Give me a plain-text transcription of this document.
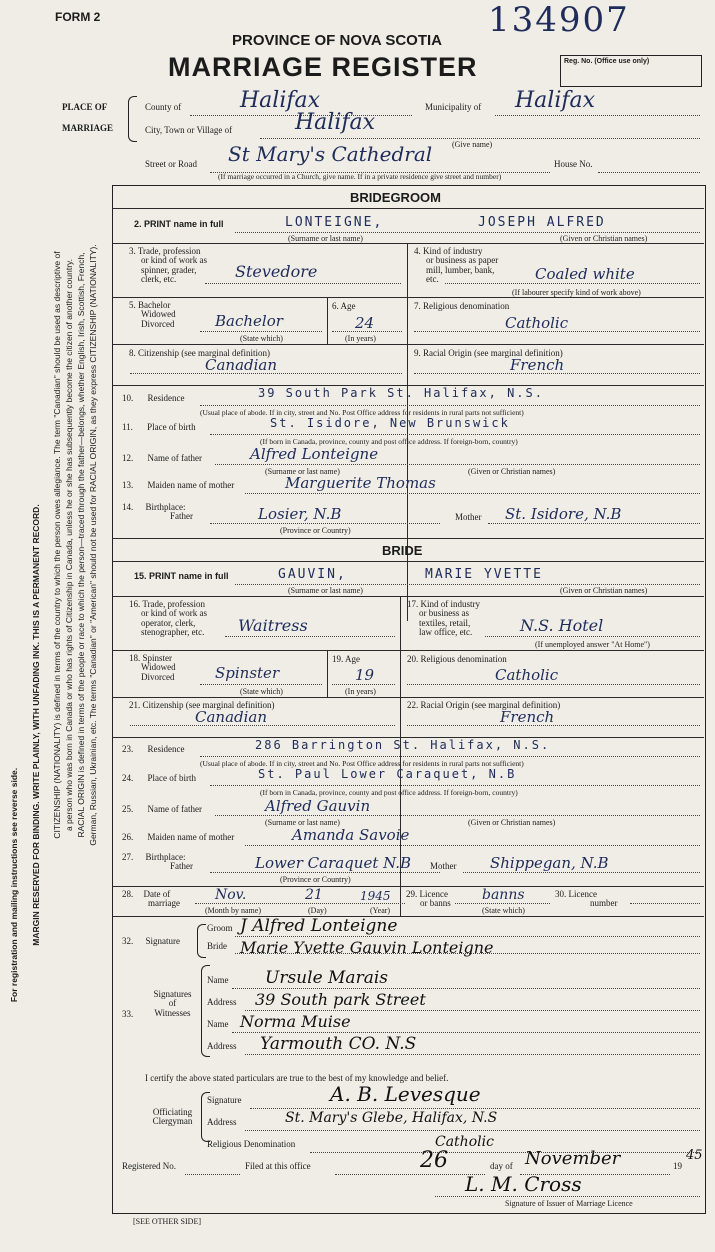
For registration and mailing instructions see reverse side. MARGIN RESERVED FOR BINDING. WRITE PLAINLY, WITH UNFADING INK. THIS IS A PERMANENT RECORD. CITIZENSHIP (NATIONALITY) is defined in terms of the country to which the person owes allegiance. The term "Canadian" should be used as descriptive of a person who was born in Canada or who has rights of Citizenship in Canada, unless he or she has subsequently become the citizen of another country. RACIAL ORIGIN is defined in terms of the people or race to which the person—traced through the father—belongs, whether English, Irish, Scottish, French, German, Russian, Ukrainian, etc. The terms "Canadian" or "American" should not be used for RACIAL ORIGIN, as they express CITIZENSHIP (NATIONALITY).
FORM 2	134907
PROVINCE OF NOVA SCOTIA
MARRIAGE REGISTER	Reg. No. (Office use only)
PLACE OF
MARRIAGE
County of	Halifax	Municipality of Halifax
City, Town or Village of	Halifax
(Give name)
Street or Road St Mary's Cathedral	House No.
(If marriage occurred in a Church, give name. If in a private residence give street and number)
BRIDEGROOM
2. PRINT name in full	LONTEIGNE,	JOSEPH ALFRED
(Surname or last name)	(Given or Christian names)
3. Trade, profession
or kind of work as
spinner, grader,
clerk, etc.	Stevedore
4. Kind of industry
or business as paper
mill, lumber, bank,
etc.	Coaled white
(If labourer specify kind of work above)
5. Bachelor
Widowed
Divorced	Bachelor
(State which)
6. Age
24
(In years)
7. Religious denomination
Catholic
8. Citizenship (see marginal definition)
Canadian
9. Racial Origin (see marginal definition)
French
10. Residence	39 South Park St. Halifax, N.S.
(Usual place of abode. If in city, street and No. Post Office address for residents in rural parts not sufficient)
11. Place of birth	St. Isidore, New Brunswick
(If born in Canada, province, county and post office address. If foreign-born, country)
12. Name of father	Alfred Lonteigne
(Surname or last name)	(Given or Christian names)
13. Maiden name of mother	Marguerite Thomas
14. Birthplace:
Father	Losier, N.B	Mother St. Isidore, N.B
(Province or Country)
BRIDE
15. PRINT name in full	GAUVIN,	MARIE YVETTE
(Surname or last name)	(Given or Christian names)
16. Trade, profession
or kind of work as
operator, clerk,
stenographer, etc. Waitress
17. Kind of industry
or business as
textiles, retail,
law office, etc.	N.S. Hotel
(If unemployed answer "At Home")
18. Spinster
Widowed
Divorced	Spinster
(State which)
19. Age
19
(In years)
20. Religious denomination
Catholic
21. Citizenship (see marginal definition)
Canadian
22. Racial Origin (see marginal definition)
French
23. Residence	286 Barrington St. Halifax, N.S.
(Usual place of abode. If in city, street and No. Post Office address for residents in rural parts not sufficient)
24. Place of birth	St. Paul Lower Caraquet, N.B
(If born in Canada, province, county and post office address. If foreign-born, country)
25. Name of father	Alfred Gauvin
(Surname or last name)	(Given or Christian names)
26. Maiden name of mother	Amanda Savoie
27. Birthplace:
Father	Lower Caraquet N.B Mother Shippegan, N.B
(Province or Country)
28. Date of
marriage
Nov.	21	1945
(Month by name)	(Day)	(Year)
29. Licence
or banns
banns
(State which)
30. Licence
number
32. Signature
Groom
Bride
J Alfred Lonteigne
Marie Yvette Gauvin Lonteigne
33.
Signatures
of
Witnesses
Name Ursule Marais
Address 39 South park Street
Name Norma Muise
Address Yarmouth CO. N.S
I certify the above stated particulars are true to the best of my knowledge and belief.
Officiating
Clergyman
Signature	A. B. Levesque
Address	St. Mary's Glebe, Halifax, N.S
Religious Denomination	Catholic
Registered No.	Filed at this office	26	day of November	19
45
L. M. Cross
Signature of Issuer of Marriage Licence
[SEE OTHER SIDE]
